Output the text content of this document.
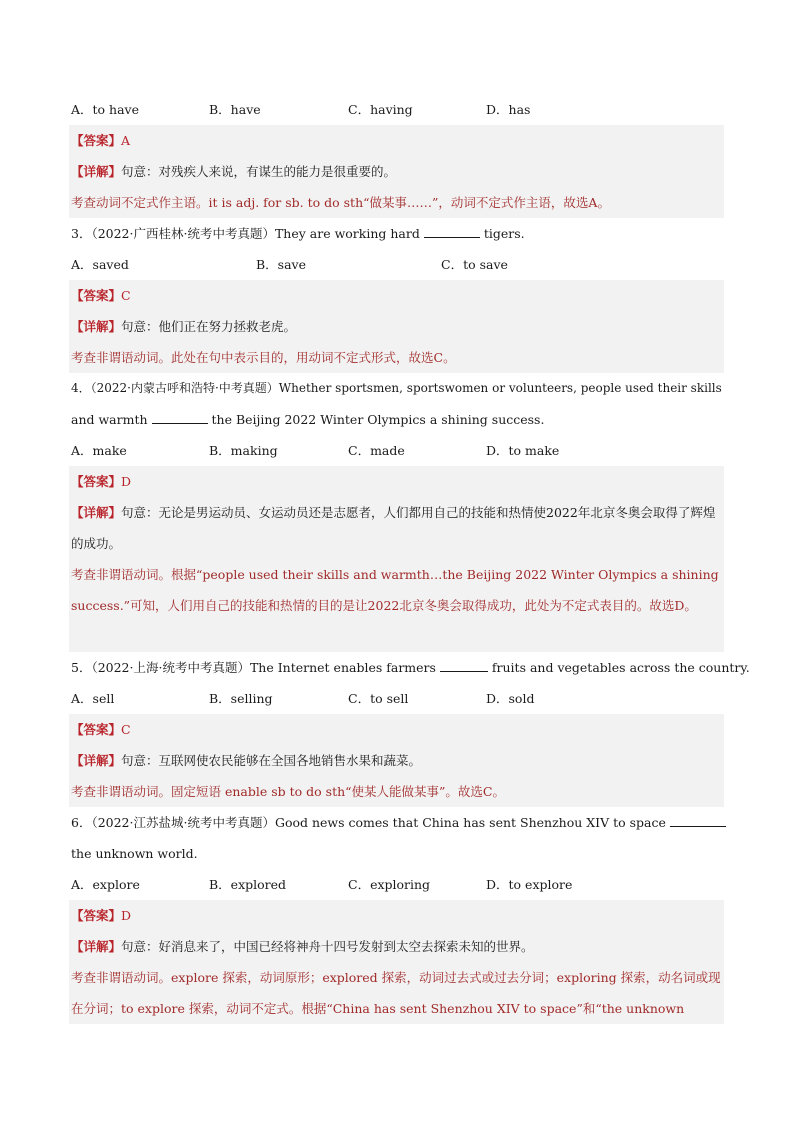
A．to have	B．have	C．having	D．has
【答案】A
【详解】句意：对残疾人来说，有谋生的能力是很重要的。
考查动词不定式作主语。it is adj. for sb. to do sth“做某事……”，动词不定式作主语，故选A。
3．（2022·广西桂林·统考中考真题）They are working hard	tigers.
A．saved	B．save	C．to save
【答案】C
【详解】句意：他们正在努力拯救老虎。
考查非谓语动词。此处在句中表示目的，用动词不定式形式，故选C。
4．（2022·内蒙古呼和浩特·中考真题）Whether sportsmen, sportswomen or volunteers, people used their skills
and warmth	the Beijing 2022 Winter Olympics a shining success.
A．make	B．making	C．made	D．to make
【答案】D
【详解】句意：无论是男运动员、女运动员还是志愿者，人们都用自己的技能和热情使2022年北京冬奥会取得了辉煌的成功。
考查非谓语动词。根据“people used their skills and warmth…the Beijing 2022 Winter Olympics a shining success.”可知，人们用自己的技能和热情的目的是让2022北京冬奥会取得成功，此处为不定式表目的。故选D。
5．（2022·上海·统考中考真题）The Internet enables farmers	fruits and vegetables across the country.
A．sell	B．selling	C．to sell	D．sold
【答案】C
【详解】句意：互联网使农民能够在全国各地销售水果和蔬菜。
考查非谓语动词。固定短语 enable sb to do sth“使某人能做某事”。故选C。
6．（2022·江苏盐城·统考中考真题）Good news comes that China has sent Shenzhou XIV to space
the unknown world.
A．explore	B．explored	C．exploring	D．to explore
【答案】D
【详解】句意：好消息来了，中国已经将神舟十四号发射到太空去探索未知的世界。
考查非谓语动词。explore 探索，动词原形；explored 探索，动词过去式或过去分词；exploring 探索，动名词或现在分词；to explore 探索，动词不定式。根据“China has sent Shenzhou XIV to space”和“the unknown
